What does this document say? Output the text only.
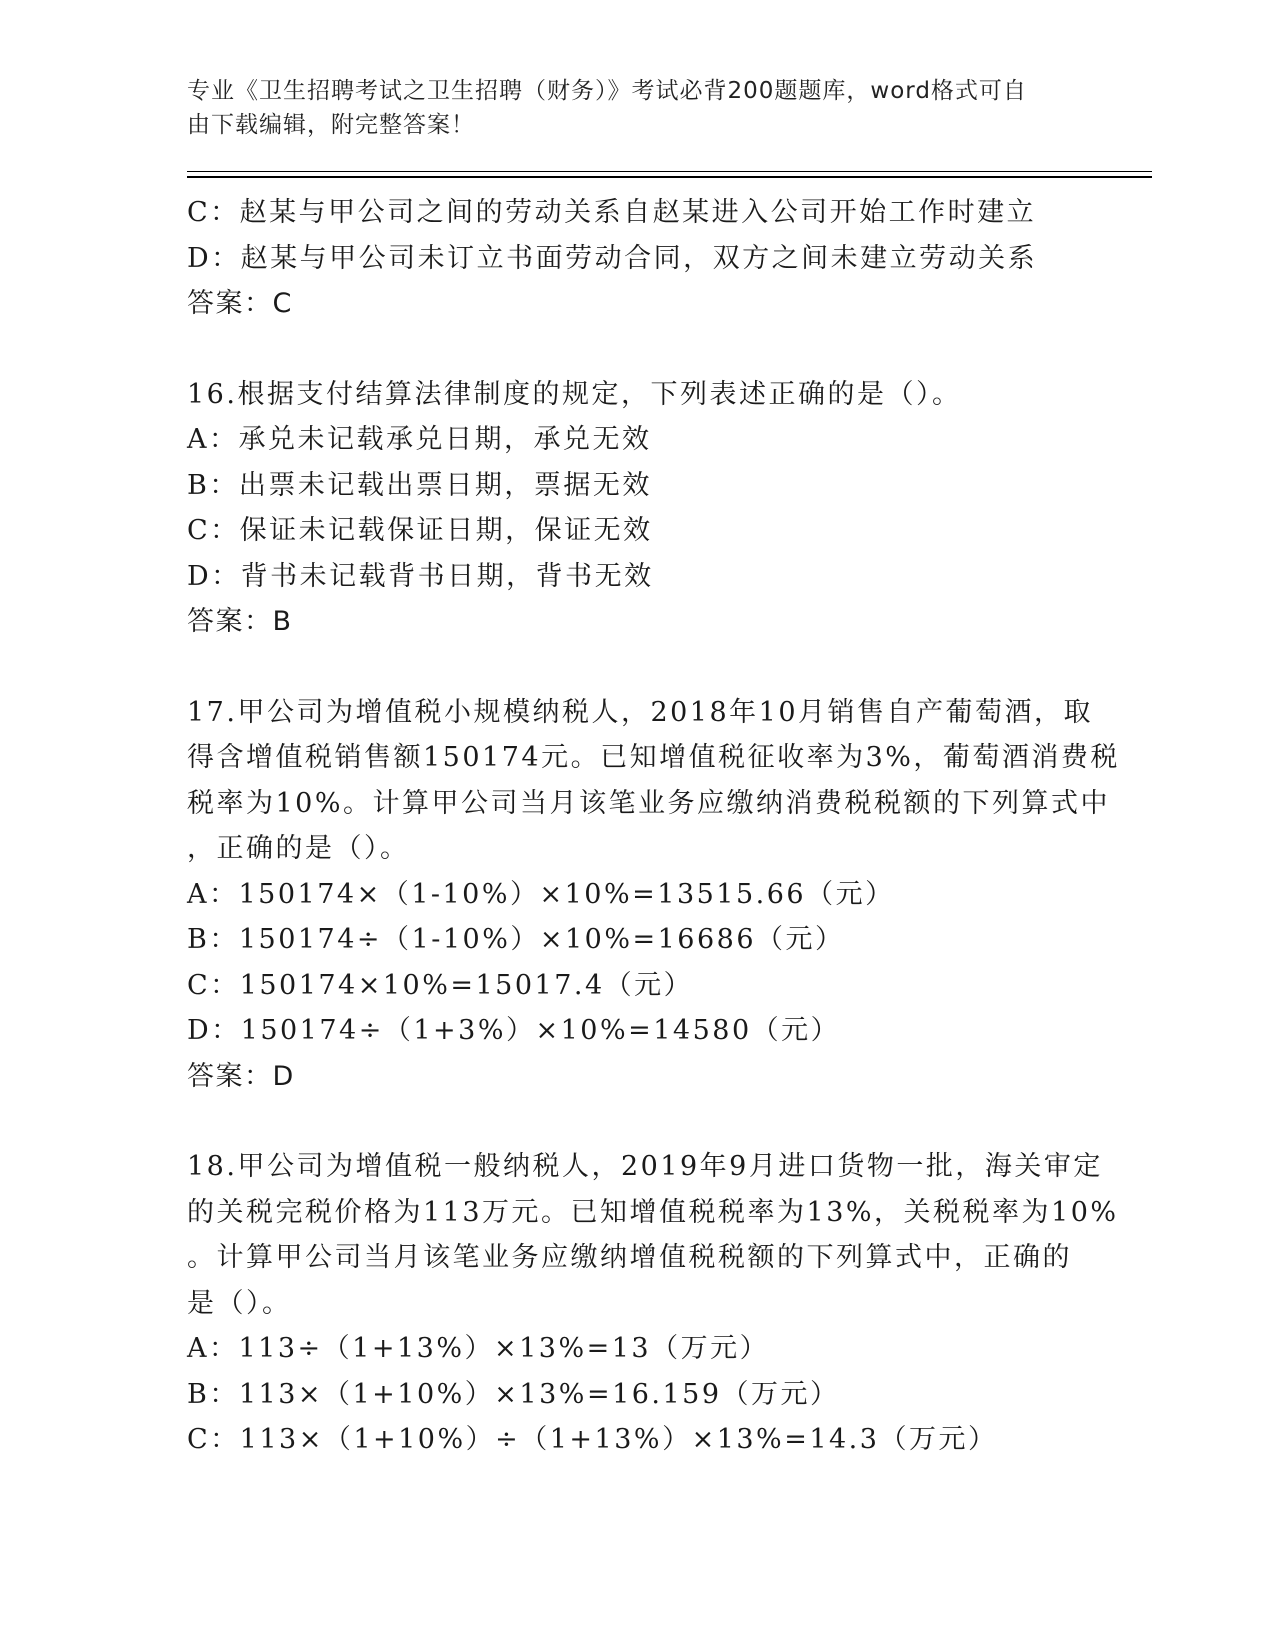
专业《卫生招聘考试之卫生招聘（财务）》考试必背200题题库，word格式可自
由下载编辑，附完整答案！
C：赵某与甲公司之间的劳动关系自赵某进入公司开始工作时建立
D：赵某与甲公司未订立书面劳动合同，双方之间未建立劳动关系
答案：C
16.根据支付结算法律制度的规定，下列表述正确的是（）。
A：承兑未记载承兑日期，承兑无效
B：出票未记载出票日期，票据无效
C：保证未记载保证日期，保证无效
D：背书未记载背书日期，背书无效
答案：B
17.甲公司为增值税小规模纳税人，2018年10月销售自产葡萄酒，取
得含增值税销售额150174元。已知增值税征收率为3%，葡萄酒消费税
税率为10%。计算甲公司当月该笔业务应缴纳消费税税额的下列算式中
，正确的是（）。
A：150174×（1-10%）×10%=13515.66（元）
B：150174÷（1-10%）×10%=16686（元）
C：150174×10%=15017.4（元）
D：150174÷（1+3%）×10%=14580（元）
答案：D
18.甲公司为增值税一般纳税人，2019年9月进口货物一批，海关审定
的关税完税价格为113万元。已知增值税税率为13%，关税税率为10%
。计算甲公司当月该笔业务应缴纳增值税税额的下列算式中，正确的
是（）。
A：113÷（1+13%）×13%=13（万元）
B：113×（1+10%）×13%=16.159（万元）
C：113×（1+10%）÷（1+13%）×13%=14.3（万元）
